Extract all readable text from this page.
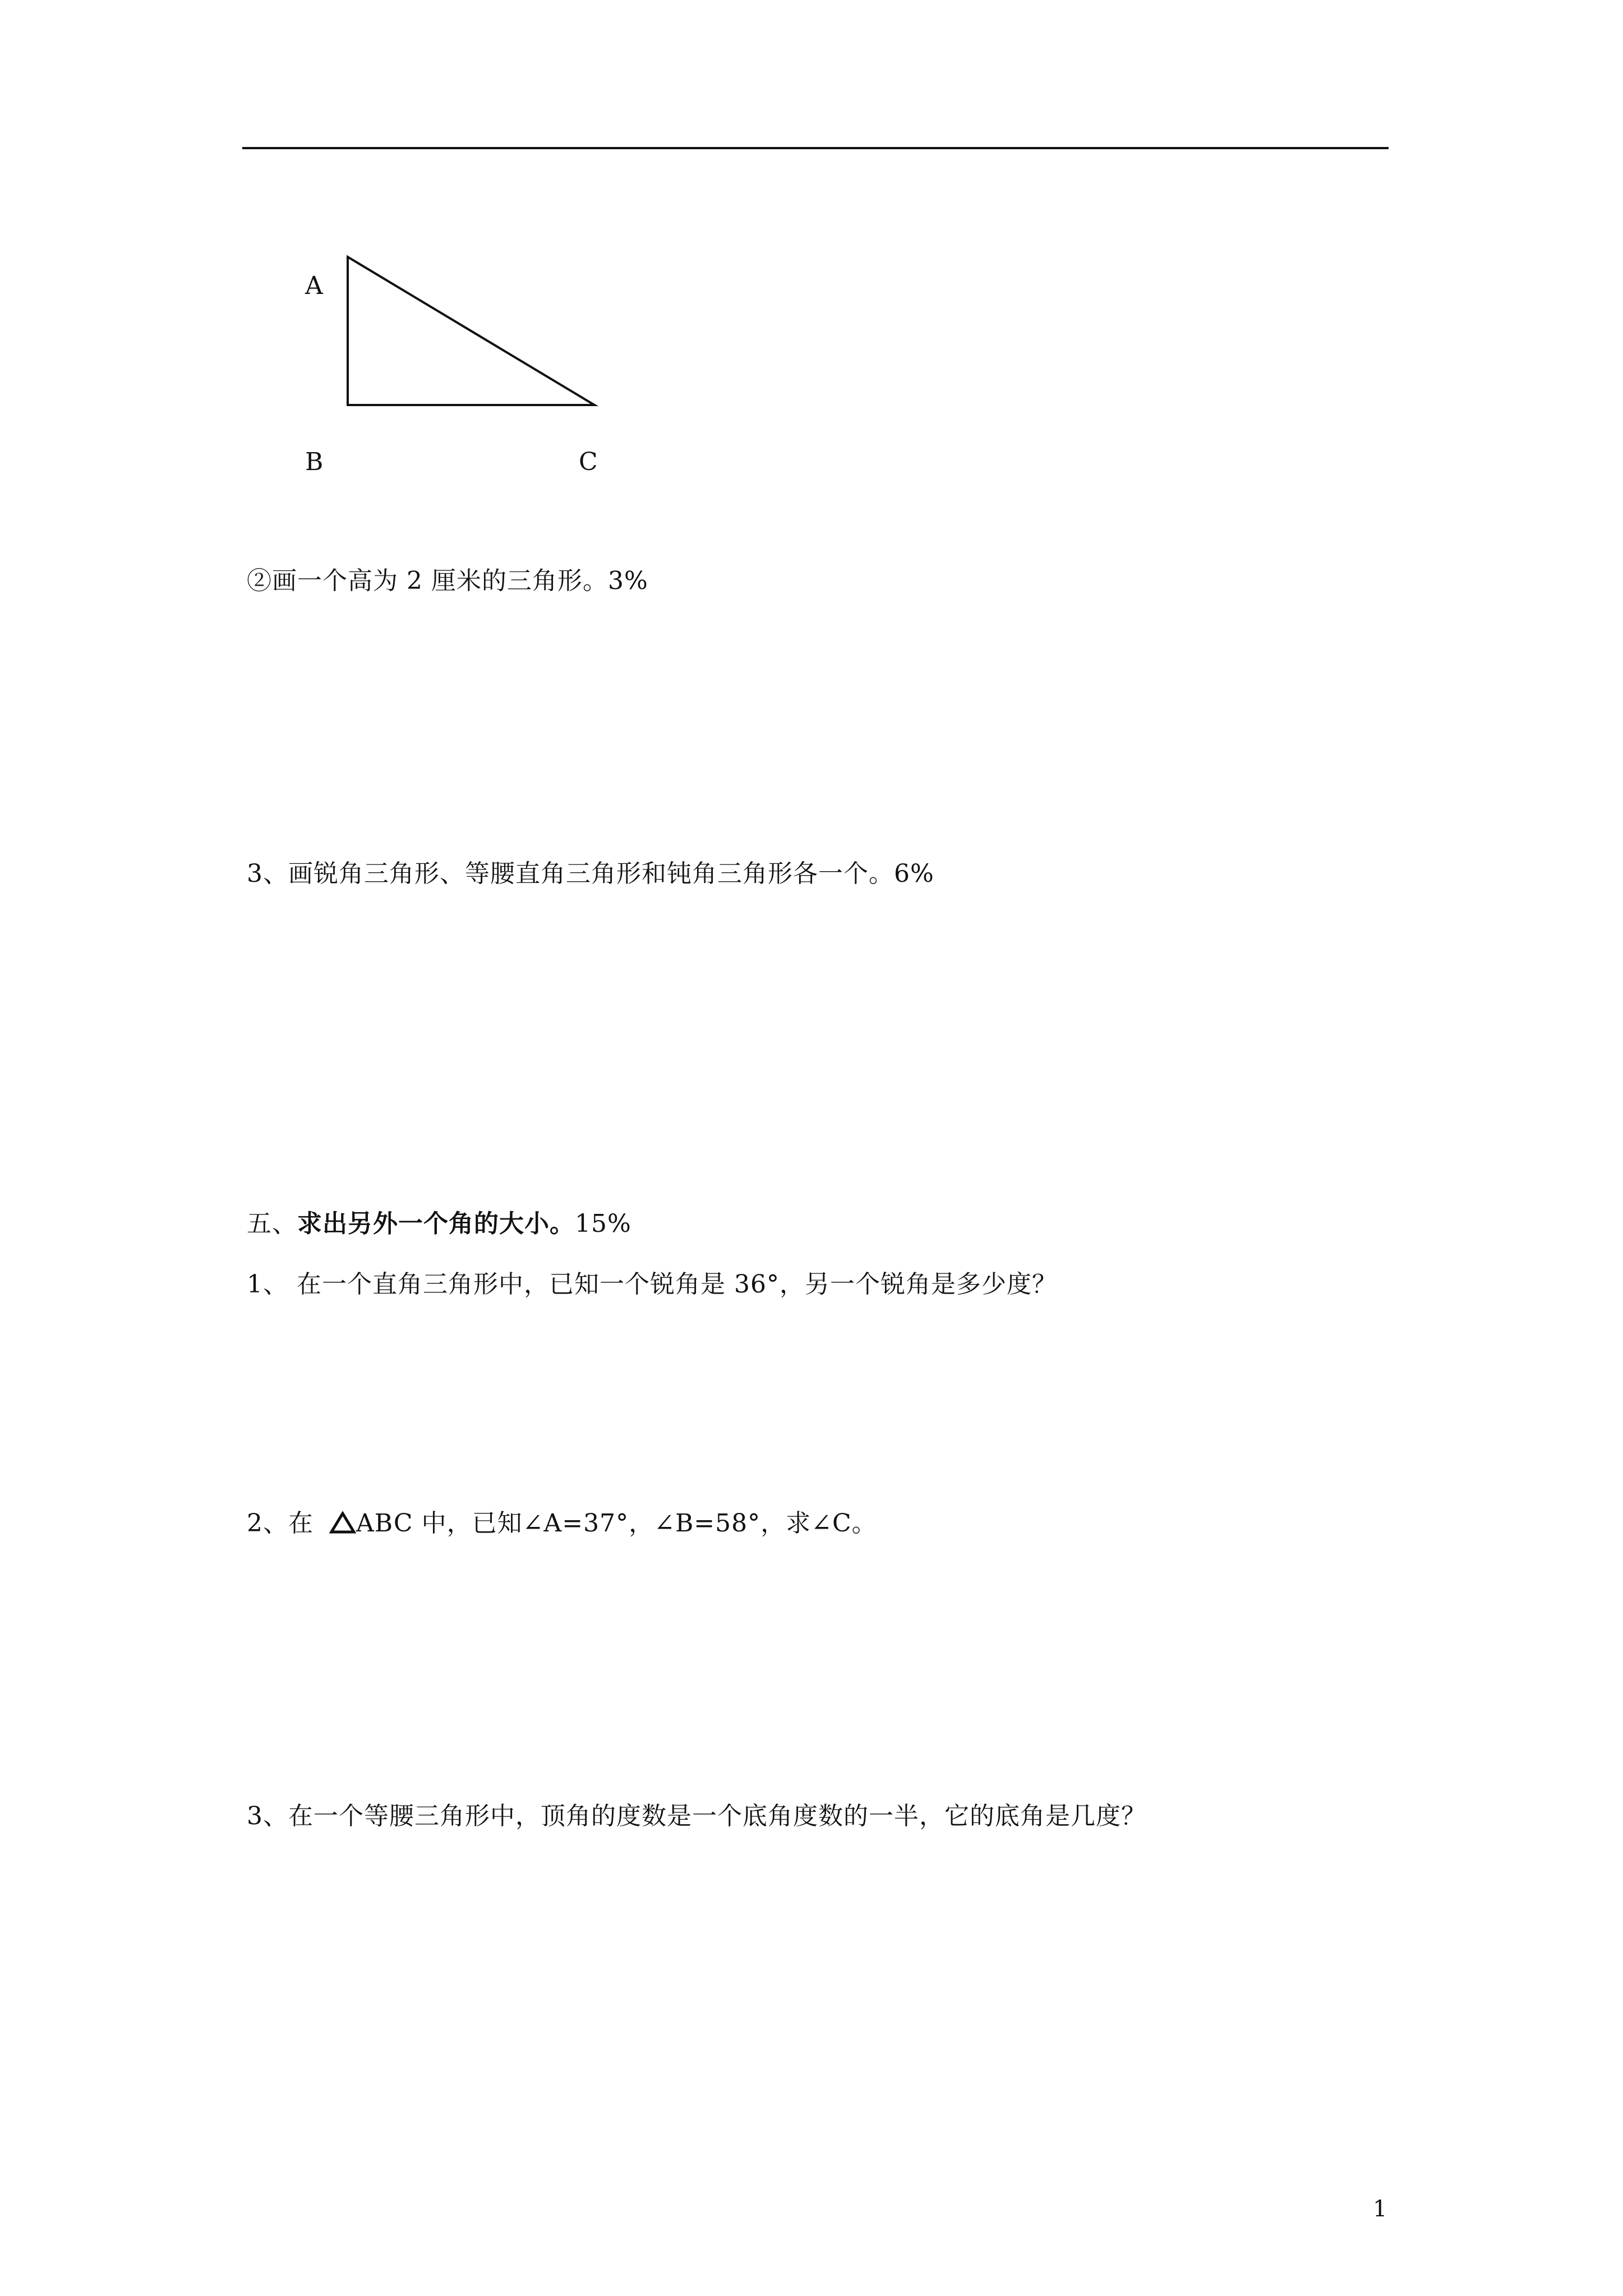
A
B	C
②画一个高为 2 厘米的三角形。3%
3、画锐角三角形、等腰直角三角形和钝角三角形各一个。6%
五、求出另外一个角的大小。15%
1、 在一个直角三角形中，已知一个锐角是 36°，另一个锐角是多少度？
2、在 ABC 中，已知∠A=37°，∠B=58°，求∠C。
3、在一个等腰三角形中，顶角的度数是一个底角度数的一半，它的底角是几度？
1
